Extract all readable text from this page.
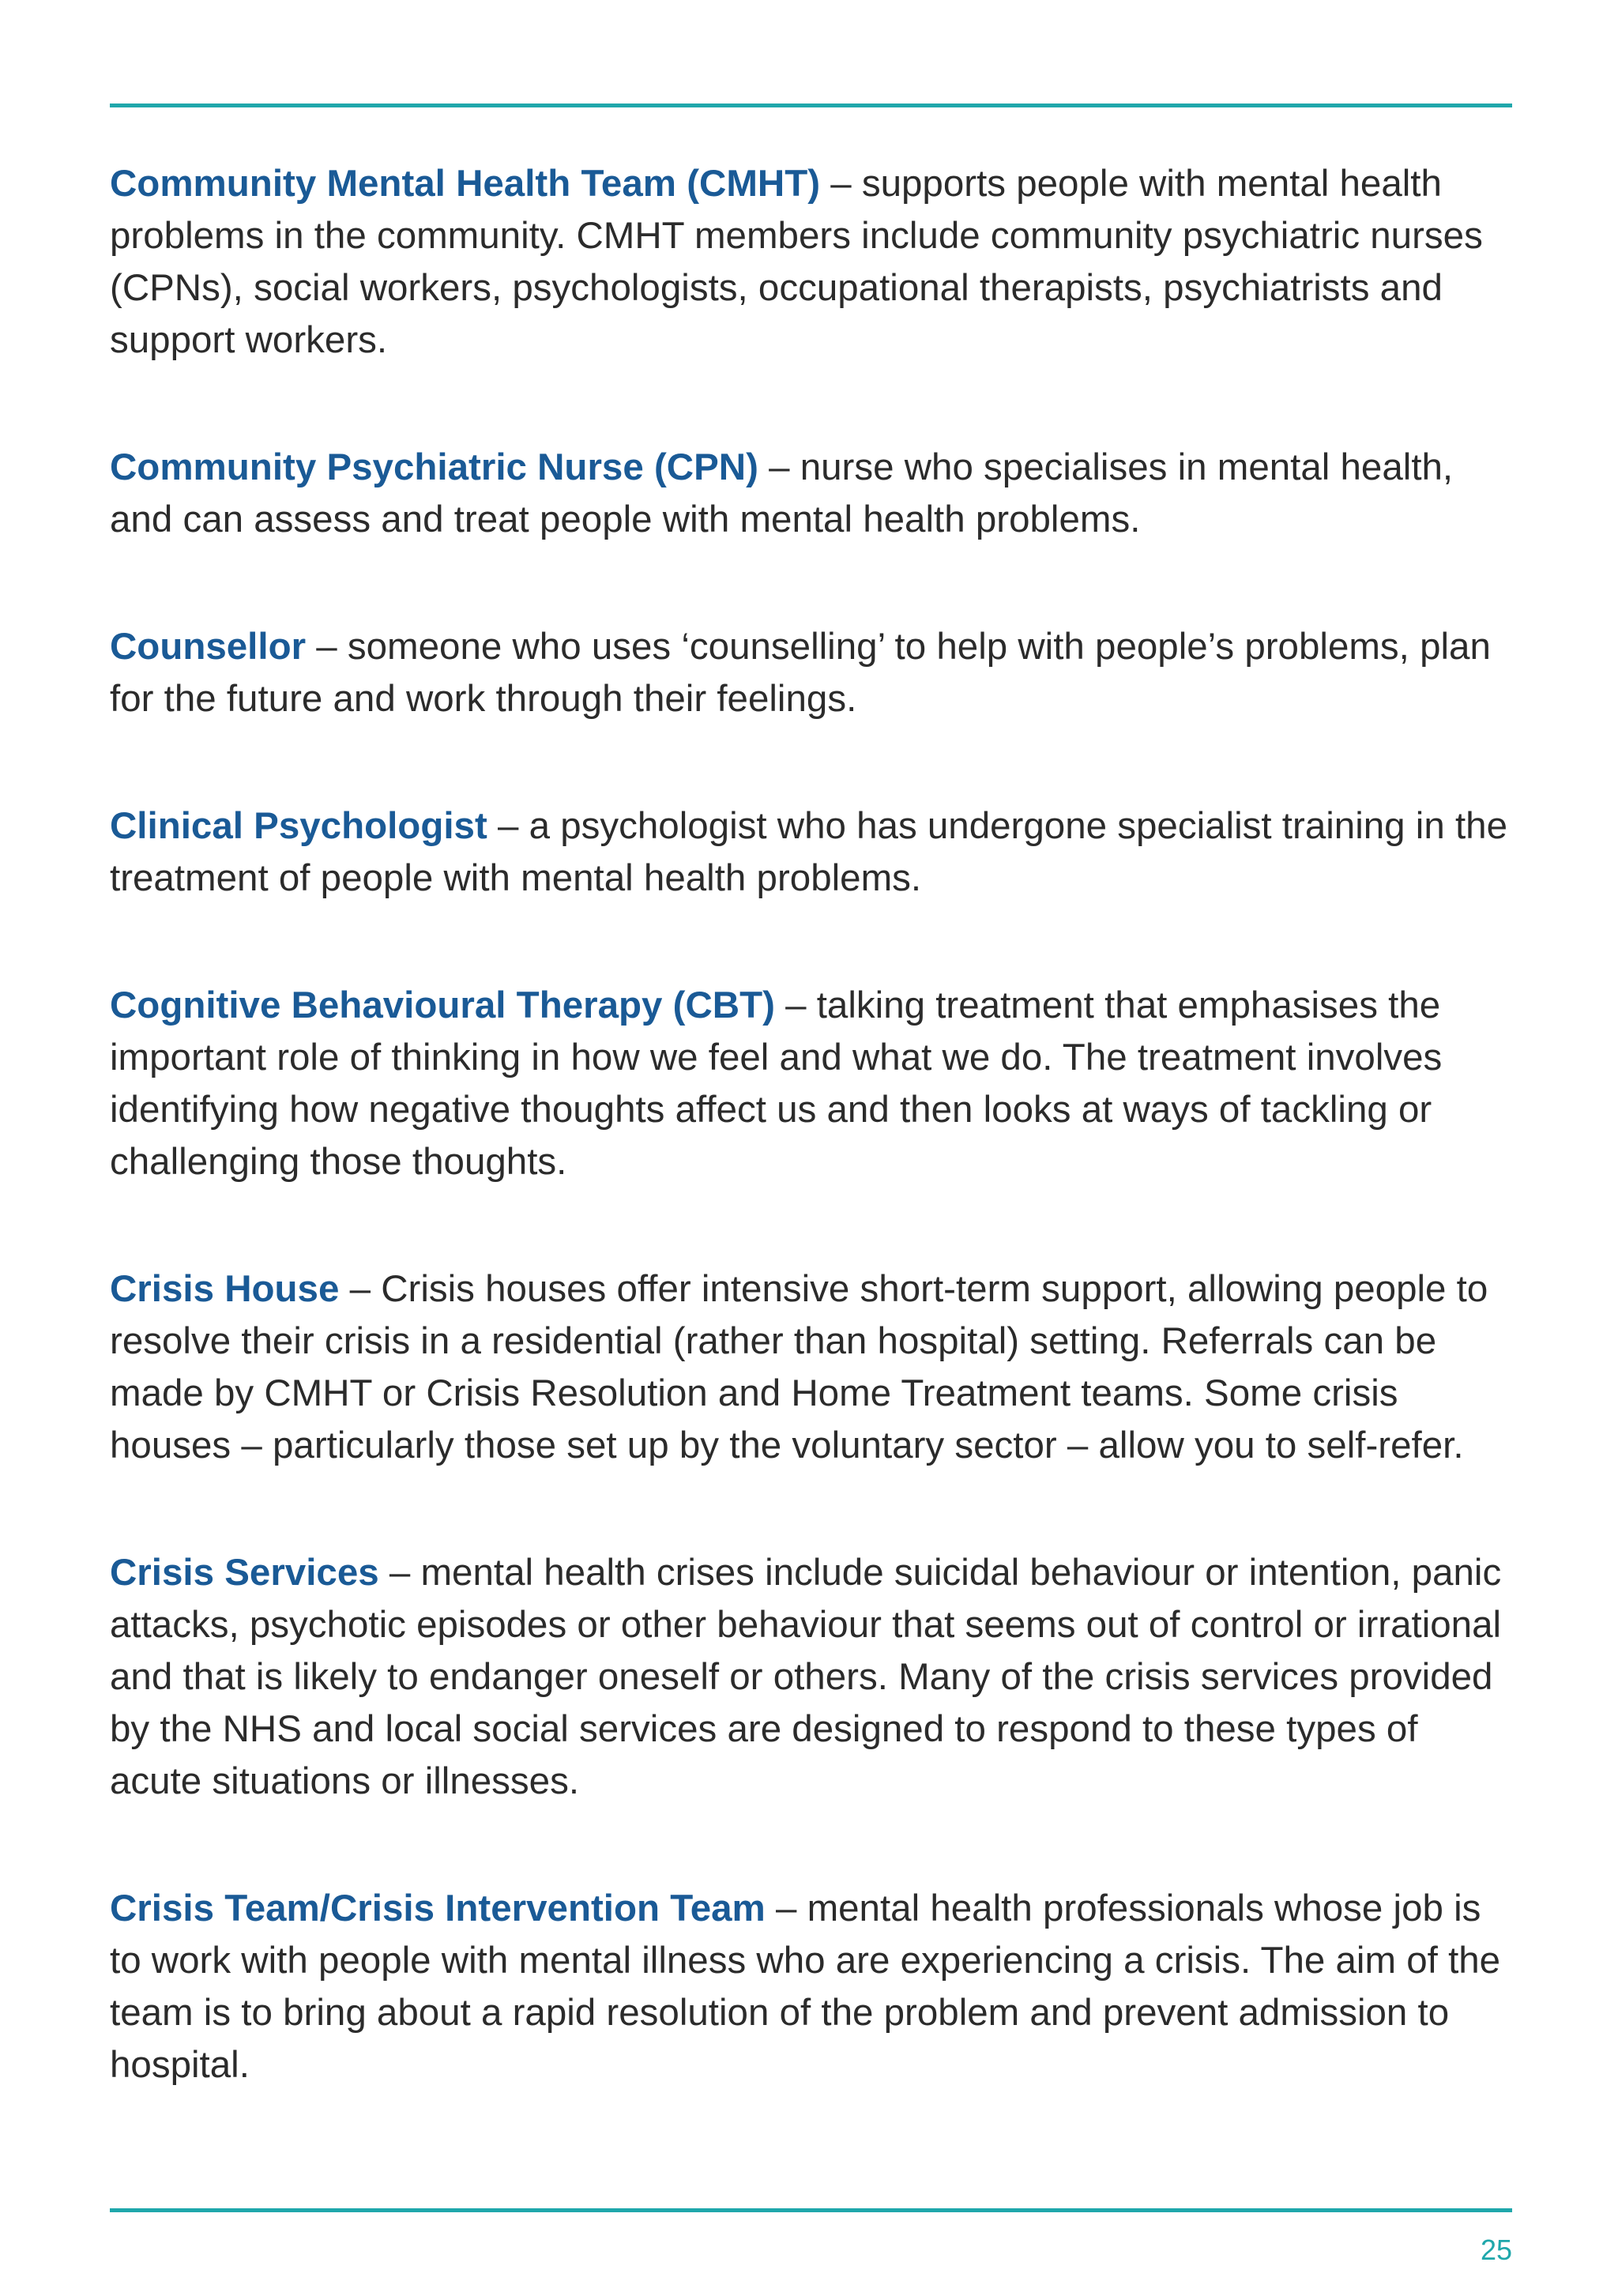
Community Mental Health Team (CMHT) – supports people with mental health problems in the community. CMHT members include community psychiatric nurses (CPNs), social workers, psychologists, occupational therapists, psychiatrists and support workers.

Community Psychiatric Nurse (CPN) – nurse who specialises in mental health, and can assess and treat people with mental health problems.

Counsellor – someone who uses ‘counselling’ to help with people’s problems, plan for the future and work through their feelings.

Clinical Psychologist – a psychologist who has undergone specialist training in the treatment of people with mental health problems.

Cognitive Behavioural Therapy (CBT) – talking treatment that emphasises the important role of thinking in how we feel and what we do. The treatment involves identifying how negative thoughts affect us and then looks at ways of tackling or challenging those thoughts.

Crisis House – Crisis houses offer intensive short-term support, allowing people to resolve their crisis in a residential (rather than hospital) setting. Referrals can be made by CMHT or Crisis Resolution and Home Treatment teams. Some crisis houses – particularly those set up by the voluntary sector – allow you to self-refer.

Crisis Services – mental health crises include suicidal behaviour or intention, panic attacks, psychotic episodes or other behaviour that seems out of control or irrational and that is likely to endanger oneself or others. Many of the crisis services provided by the NHS and local social services are designed to respond to these types of acute situations or illnesses.

Crisis Team/Crisis Intervention Team – mental health professionals whose job is to work with people with mental illness who are experiencing a crisis. The aim of the team is to bring about a rapid resolution of the problem and prevent admission to hospital.

25
